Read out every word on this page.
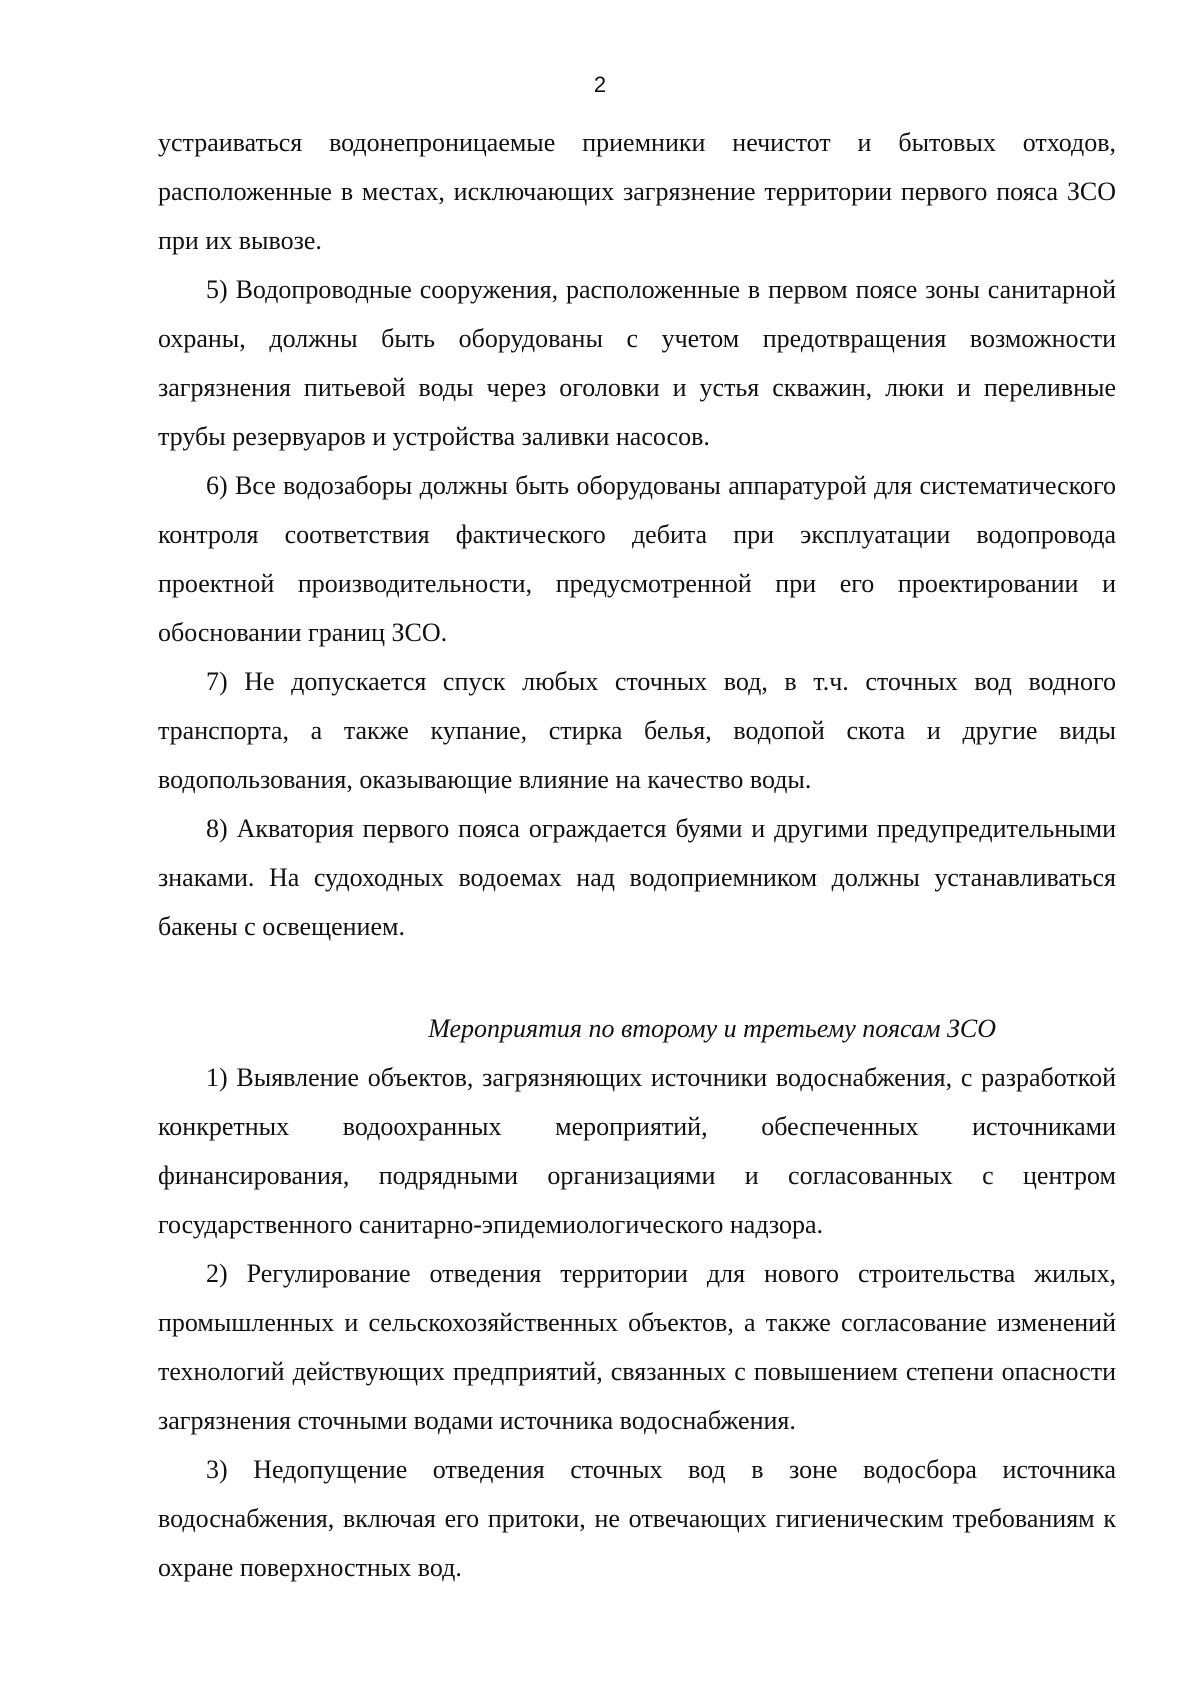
2

устраиваться водонепроницаемые приемники нечистот и бытовых отходов, расположенные в местах, исключающих загрязнение территории первого пояса ЗСО при их вывозе.

5) Водопроводные сооружения, расположенные в первом поясе зоны санитарной охраны, должны быть оборудованы с учетом предотвращения возможности загрязнения питьевой воды через оголовки и устья скважин, люки и переливные трубы резервуаров и устройства заливки насосов.

6) Все водозаборы должны быть оборудованы аппаратурой для систематического контроля соответствия фактического дебита при эксплуатации водопровода проектной производительности, предусмотренной при его проектировании и обосновании границ ЗСО.

7) Не допускается спуск любых сточных вод, в т.ч. сточных вод водного транспорта, а также купание, стирка белья, водопой скота и другие виды водопользования, оказывающие влияние на качество воды.

8) Акватория первого пояса ограждается буями и другими предупредительными знаками. На судоходных водоемах над водоприемником должны устанавливаться бакены с освещением.

Мероприятия по второму и третьему поясам ЗСО

1) Выявление объектов, загрязняющих источники водоснабжения, с разработкой конкретных водоохранных мероприятий, обеспеченных источниками финансирования, подрядными организациями и согласованных с центром государственного санитарно-эпидемиологического надзора.

2) Регулирование отведения территории для нового строительства жилых, промышленных и сельскохозяйственных объектов, а также согласование изменений технологий действующих предприятий, связанных с повышением степени опасности загрязнения сточными водами источника водоснабжения.

3) Недопущение отведения сточных вод в зоне водосбора источника водоснабжения, включая его притоки, не отвечающих гигиеническим требованиям к охране поверхностных вод.
